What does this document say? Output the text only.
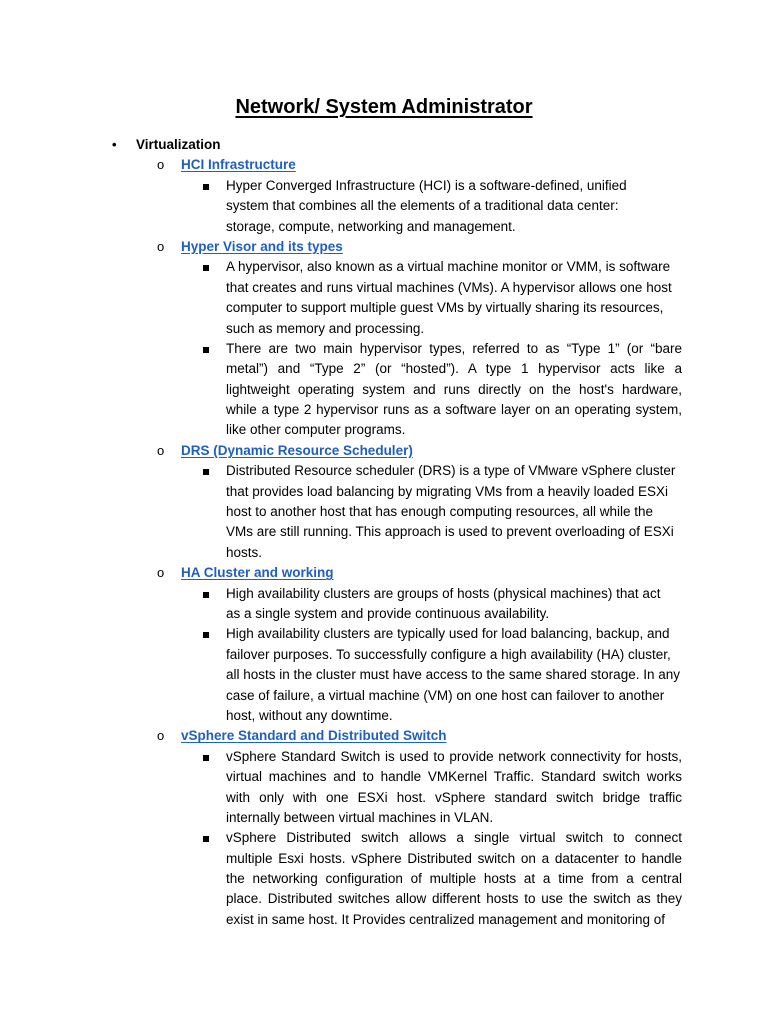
Network/ System Administrator
• Virtualization
o HCI Infrastructure
Hyper Converged Infrastructure (HCI) is a software-defined, unified
system that combines all the elements of a traditional data center:
storage, compute, networking and management.
o Hyper Visor and its types
A hypervisor, also known as a virtual machine monitor or VMM, is software
that creates and runs virtual machines (VMs). A hypervisor allows one host
computer to support multiple guest VMs by virtually sharing its resources,
such as memory and processing.
There are two main hypervisor types, referred to as “Type 1” (or “bare
metal”) and “Type 2” (or “hosted”). A type 1 hypervisor acts like a
lightweight operating system and runs directly on the host's hardware,
while a type 2 hypervisor runs as a software layer on an operating system,
like other computer programs.
o DRS (Dynamic Resource Scheduler)
Distributed Resource scheduler (DRS) is a type of VMware vSphere cluster
that provides load balancing by migrating VMs from a heavily loaded ESXi
host to another host that has enough computing resources, all while the
VMs are still running. This approach is used to prevent overloading of ESXi
hosts.
o HA Cluster and working
High availability clusters are groups of hosts (physical machines) that act
as a single system and provide continuous availability.
High availability clusters are typically used for load balancing, backup, and
failover purposes. To successfully configure a high availability (HA) cluster,
all hosts in the cluster must have access to the same shared storage. In any
case of failure, a virtual machine (VM) on one host can failover to another
host, without any downtime.
o vSphere Standard and Distributed Switch
vSphere Standard Switch is used to provide network connectivity for hosts,
virtual machines and to handle VMKernel Traffic. Standard switch works
with only with one ESXi host. vSphere standard switch bridge traffic
internally between virtual machines in VLAN.
vSphere Distributed switch allows a single virtual switch to connect
multiple Esxi hosts. vSphere Distributed switch on a datacenter to handle
the networking configuration of multiple hosts at a time from a central
place. Distributed switches allow different hosts to use the switch as they
exist in same host. It Provides centralized management and monitoring of
